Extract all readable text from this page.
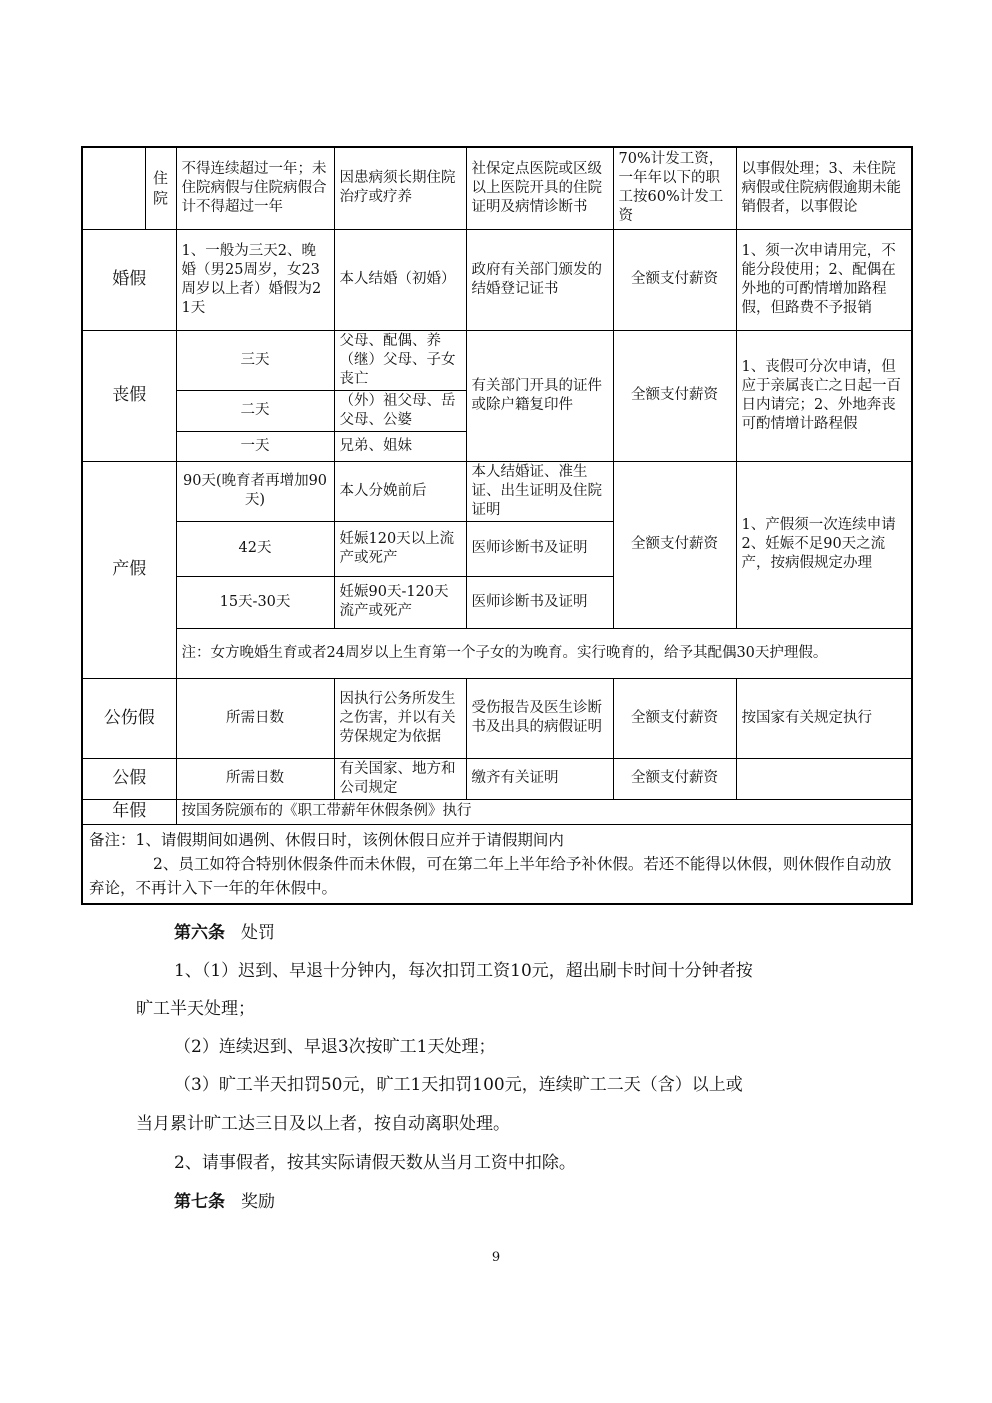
	住院	不得连续超过一年；未住院病假与住院病假合计不得超过一年	因患病须长期住院治疗或疗养	社保定点医院或区级以上医院开具的住院证明及病情诊断书	70%计发工资，一年年以下的职工按60%计发工资	以事假处理；3、未住院病假或住院病假逾期未能销假者，以事假论
婚假		1、一般为三天2、晚婚（男25周岁，女23周岁以上者）婚假为21天	本人结婚（初婚）	政府有关部门颁发的结婚登记证书	全额支付薪资	1、须一次申请用完，不能分段使用；2、配偶在外地的可酌情增加路程假，但路费不予报销
丧假		三天	父母、配偶、养（继）父母、子女丧亡	有关部门开具的证件或除户籍复印件	全额支付薪资	1、丧假可分次申请，但应于亲属丧亡之日起一百日内请完；2、外地奔丧可酌情增计路程假
		二天	（外）祖父母、岳父母、公婆			
		一天	兄弟、姐妹			
产假		90天(晚育者再增加90天)	本人分娩前后	本人结婚证、准生证、出生证明及住院证明	全额支付薪资	1、产假须一次连续申请2、妊娠不足90天之流产，按病假规定办理
		42天	妊娠120天以上流产或死产	医师诊断书及证明		
		15天-30天	妊娠90天-120天流产或死产	医师诊断书及证明		
		注：女方晚婚生育或者24周岁以上生育第一个子女的为晚育。实行晚育的，给予其配偶30天护理假。				
公伤假		所需日数	因执行公务所发生之伤害，并以有关劳保规定为依据	受伤报告及医生诊断书及出具的病假证明	全额支付薪资	按国家有关规定执行
公假		所需日数	有关国家、地方和公司规定	缴齐有关证明	全额支付薪资	
年假		按国务院颁布的《职工带薪年休假条例》执行				

备注：1、请假期间如遇例、休假日时，该例休假日应并于请假期间内

2、员工如符合特别休假条件而未休假，可在第二年上半年给予补休假。若还不能得以休假，则休假作自动放弃论，不再计入下一年的年休假中。						

第六条 处罚

1、（1）迟到、早退十分钟内，每次扣罚工资10元，超出刷卡时间十分钟者按

旷工半天处理；

（2）连续迟到、早退3次按旷工1天处理；

（3）旷工半天扣罚50元，旷工1天扣罚100元，连续旷工二天（含）以上或

当月累计旷工达三日及以上者，按自动离职处理。

2、请事假者，按其实际请假天数从当月工资中扣除。

第七条 奖励

9
